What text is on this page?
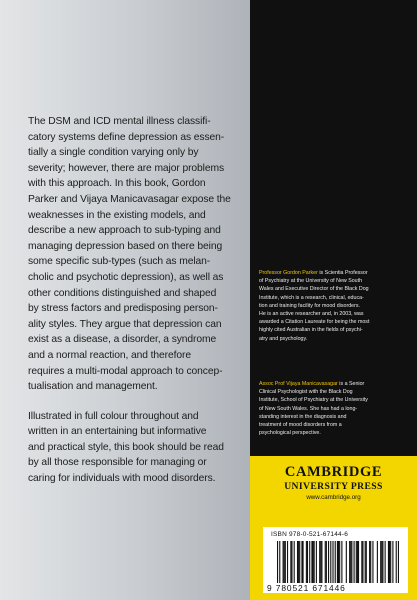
The DSM and ICD mental illness classifi-
catory systems define depression as essen-
tially a single condition varying only by
severity; however, there are major problems
with this approach. In this book, Gordon
Parker and Vijaya Manicavasagar expose the
weaknesses in the existing models, and
describe a new approach to sub-typing and
managing depression based on there being
some specific sub-types (such as melan-
cholic and psychotic depression), as well as
other conditions distinguished and shaped
by stress factors and predisposing person-
ality styles. They argue that depression can
exist as a disease, a disorder, a syndrome
and a normal reaction, and therefore
requires a multi-modal approach to concep-
tualisation and management.

Illustrated in full colour throughout and
written in an entertaining but informative
and practical style, this book should be read
by all those responsible for managing or
caring for individuals with mood disorders.

Professor Gordon Parker is Scientia Professor
of Psychiatry at the University of New South
Wales and Executive Director of the Black Dog
Institute, which is a research, clinical, educa-
tion and training facility for mood disorders.
He is an active researcher and, in 2003, was
awarded a Citation Laureate for being the most
highly cited Australian in the fields of psychi-
atry and psychology.
Assoc Prof Vijaya Manicavasagar is a Senior
Clinical Psychologist with the Black Dog
Institute, School of Psychiatry at the University
of New South Wales. She has had a long-
standing interest in the diagnosis and
treatment of mood disorders from a
psychological perspective.
CAMBRIDGE
UNIVERSITY PRESS
www.cambridge.org
ISBN 978-0-521-67144-6
9 780521 671446
